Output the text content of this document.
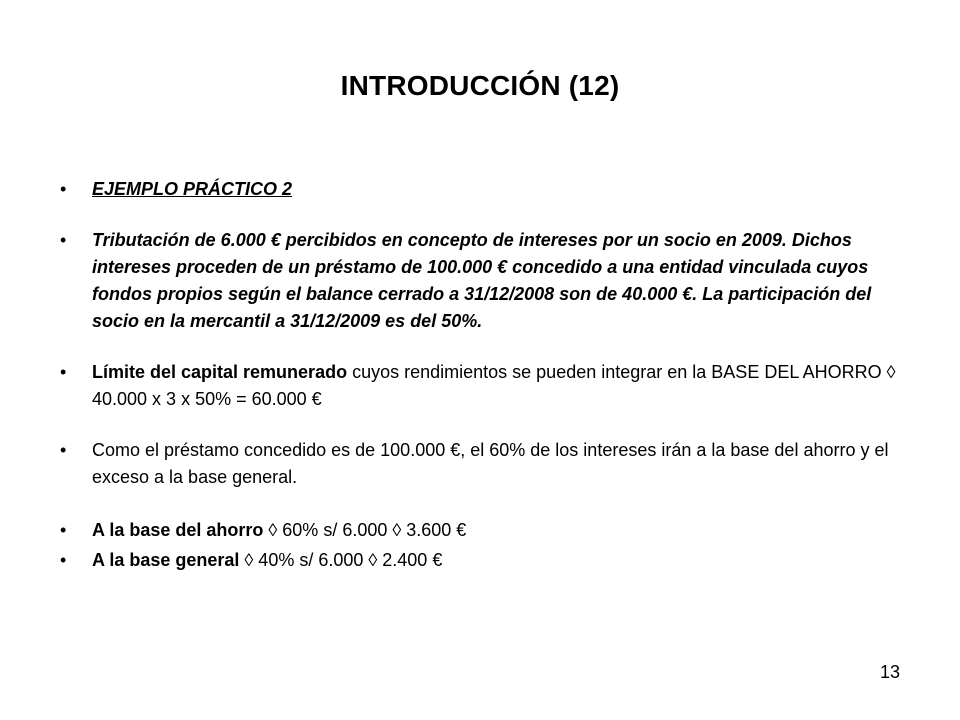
INTRODUCCIÓN (12)
•	EJEMPLO PRÁCTICO 2
•	Tributación de 6.000 € percibidos en concepto de intereses por un socio en 2009. Dichos intereses proceden de un préstamo de 100.000 € concedido a una entidad vinculada cuyos fondos propios según el balance cerrado a 31/12/2008 son de 40.000 €. La participación del socio en la mercantil a 31/12/2009 es del 50%.
•	Límite del capital remunerado cuyos rendimientos se pueden integrar en la BASE DEL AHORRO ◊ 40.000 x 3 x 50% = 60.000 €
•	Como el préstamo concedido es de 100.000 €, el 60% de los intereses irán a la base del ahorro y el exceso a la base general.
•	A la base del ahorro ◊ 60% s/ 6.000 ◊ 3.600 €
•	A la base general ◊ 40% s/ 6.000 ◊ 2.400 €
13
